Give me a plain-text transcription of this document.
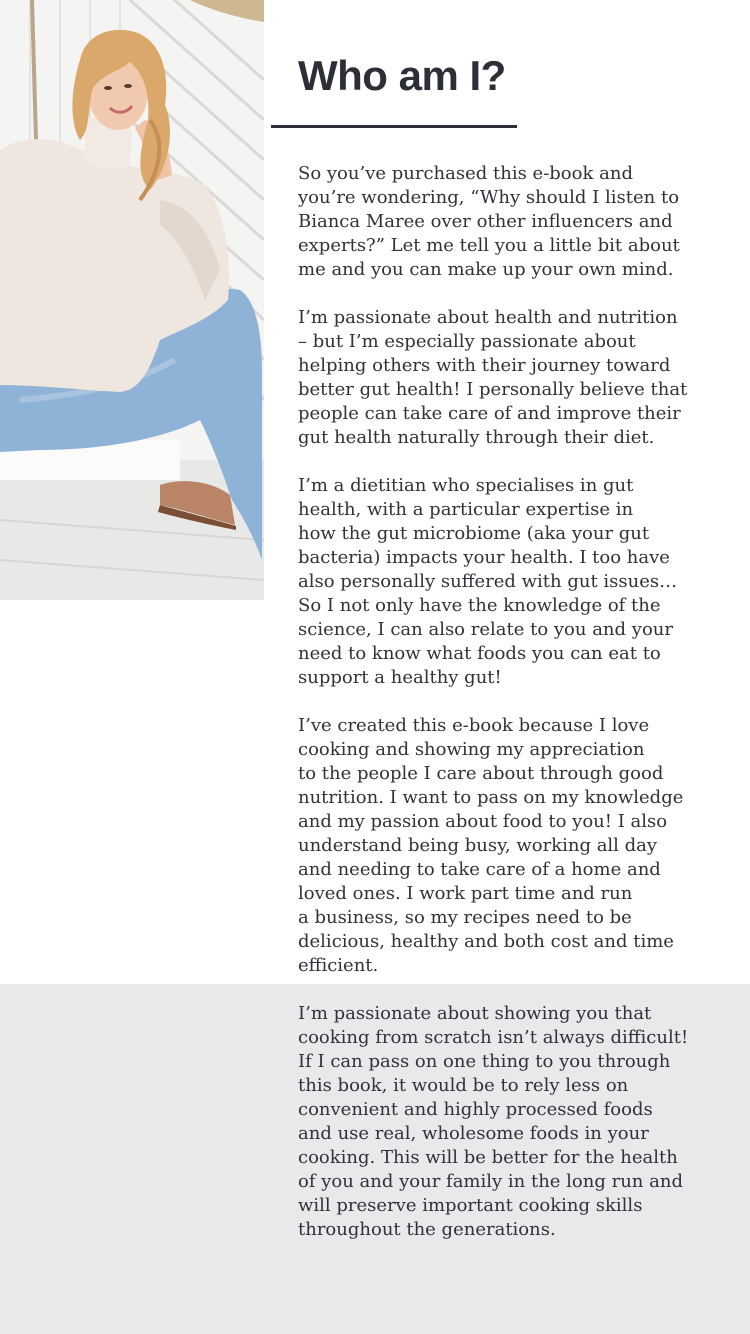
Who am I?

So you’ve purchased this e-book and
you’re wondering, “Why should I listen to
Bianca Maree over other influencers and
experts?” Let me tell you a little bit about
me and you can make up your own mind.

I’m passionate about health and nutrition
– but I’m especially passionate about
helping others with their journey toward
better gut health! I personally believe that
people can take care of and improve their
gut health naturally through their diet.

I’m a dietitian who specialises in gut
health, with a particular expertise in
how the gut microbiome (aka your gut
bacteria) impacts your health. I too have
also personally suffered with gut issues…
So I not only have the knowledge of the
science, I can also relate to you and your
need to know what foods you can eat to
support a healthy gut!

I’ve created this e-book because I love
cooking and showing my appreciation
to the people I care about through good
nutrition. I want to pass on my knowledge
and my passion about food to you! I also
understand being busy, working all day
and needing to take care of a home and
loved ones. I work part time and run
a business, so my recipes need to be
delicious, healthy and both cost and time
efficient.

I’m passionate about showing you that
cooking from scratch isn’t always difficult!
If I can pass on one thing to you through
this book, it would be to rely less on
convenient and highly processed foods
and use real, wholesome foods in your
cooking. This will be better for the health
of you and your family in the long run and
will preserve important cooking skills
throughout the generations.
